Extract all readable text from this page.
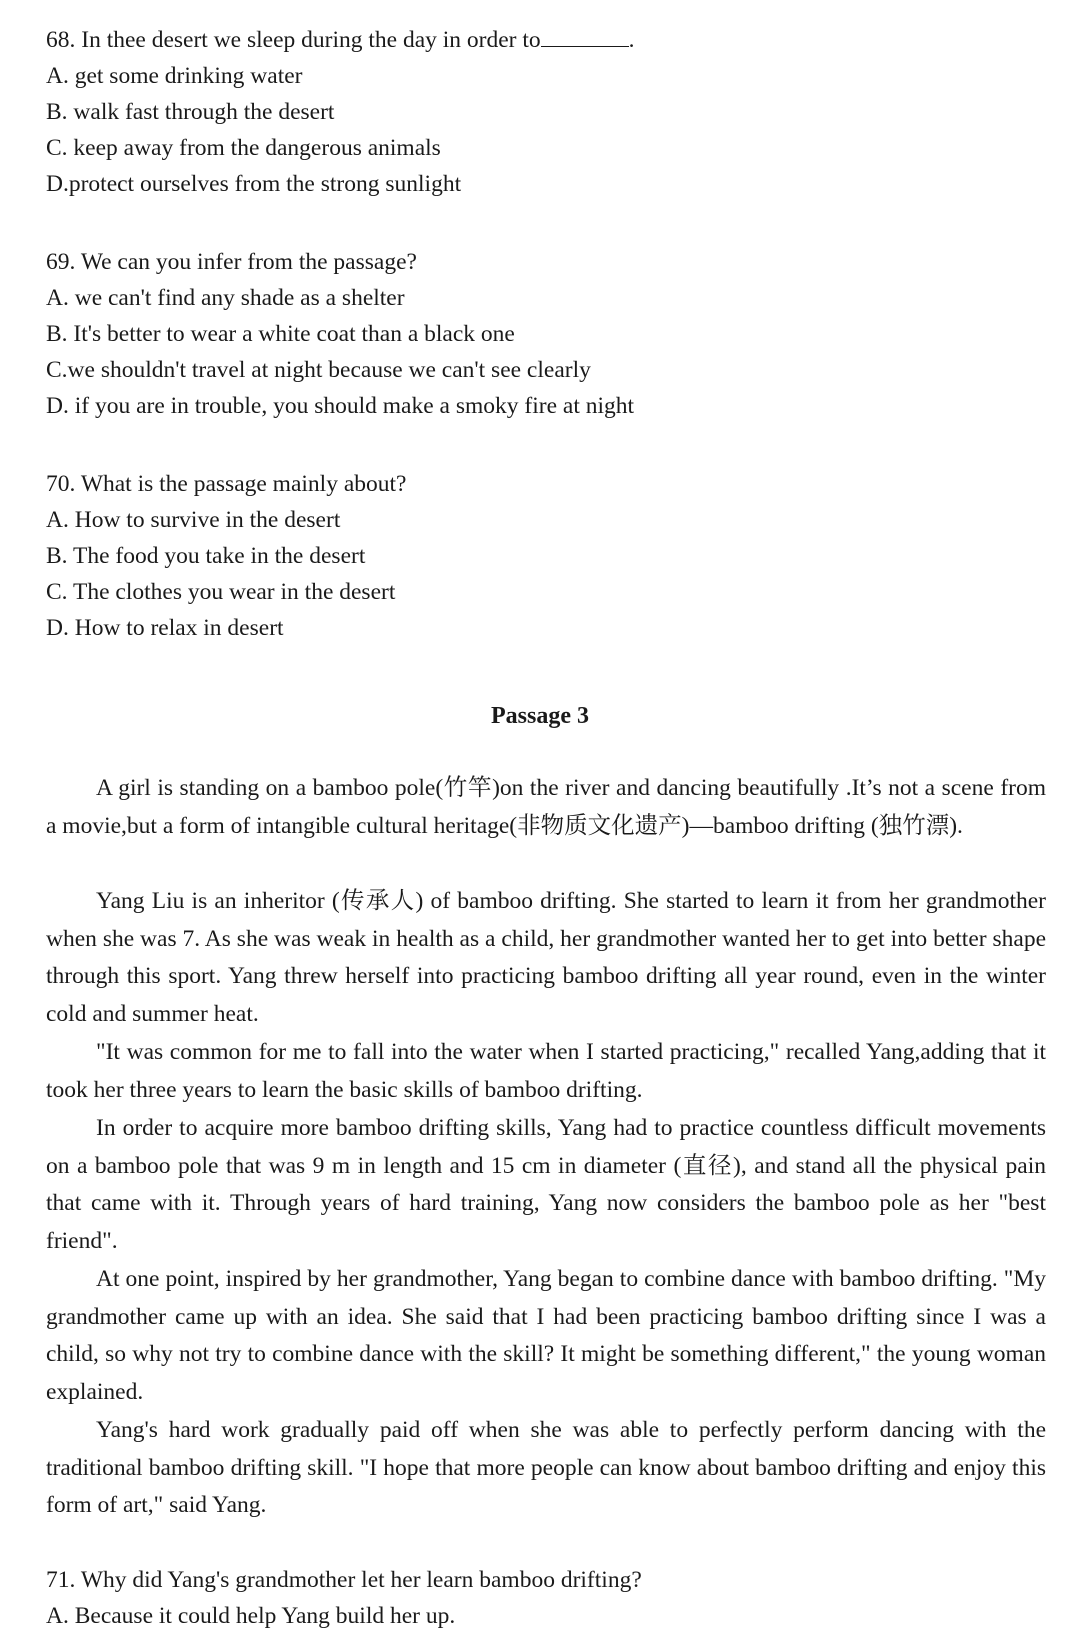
68. In thee desert we sleep during the day in order to	.

A. get some drinking water

B. walk fast through the desert

C. keep away from the dangerous animals

D.protect ourselves from the strong sunlight

69. We can you infer from the passage?

A. we can't find any shade as a shelter

B. It's better to wear a white coat than a black one

C.we shouldn't travel at night because we can't see clearly

D. if you are in trouble, you should make a smoky fire at night

70. What is the passage mainly about?

A. How to survive in the desert

B. The food you take in the desert

C. The clothes you wear in the desert

D. How to relax in desert

Passage 3

A girl is standing on a bamboo pole(竹竿)on the river and dancing beautifully .It’s not a scene from a movie,but a form of intangible cultural heritage(非物质文化遗产)—bamboo drifting (独竹漂).

Yang Liu is an inheritor (传承人) of bamboo drifting. She started to learn it from her grandmother when she was 7. As she was weak in health as a child, her grandmother wanted her to get into better shape through this sport. Yang threw herself into practicing bamboo drifting all year round, even in the winter cold and summer heat.

"It was common for me to fall into the water when I started practicing," recalled Yang,adding that it took her three years to learn the basic skills of bamboo drifting.

In order to acquire more bamboo drifting skills, Yang had to practice countless difficult movements on a bamboo pole that was 9 m in length and 15 cm in diameter (直径), and stand all the physical pain that came with it. Through years of hard training, Yang now considers the bamboo pole as her "best friend".

At one point, inspired by her grandmother, Yang began to combine dance with bamboo drifting. "My grandmother came up with an idea. She said that I had been practicing bamboo drifting since I was a child, so why not try to combine dance with the skill? It might be something different," the young woman explained.

Yang's hard work gradually paid off when she was able to perfectly perform dancing with the traditional bamboo drifting skill. "I hope that more people can know about bamboo drifting and enjoy this form of art," said Yang.

71. Why did Yang's grandmother let her learn bamboo drifting?

A. Because it could help Yang build her up.
